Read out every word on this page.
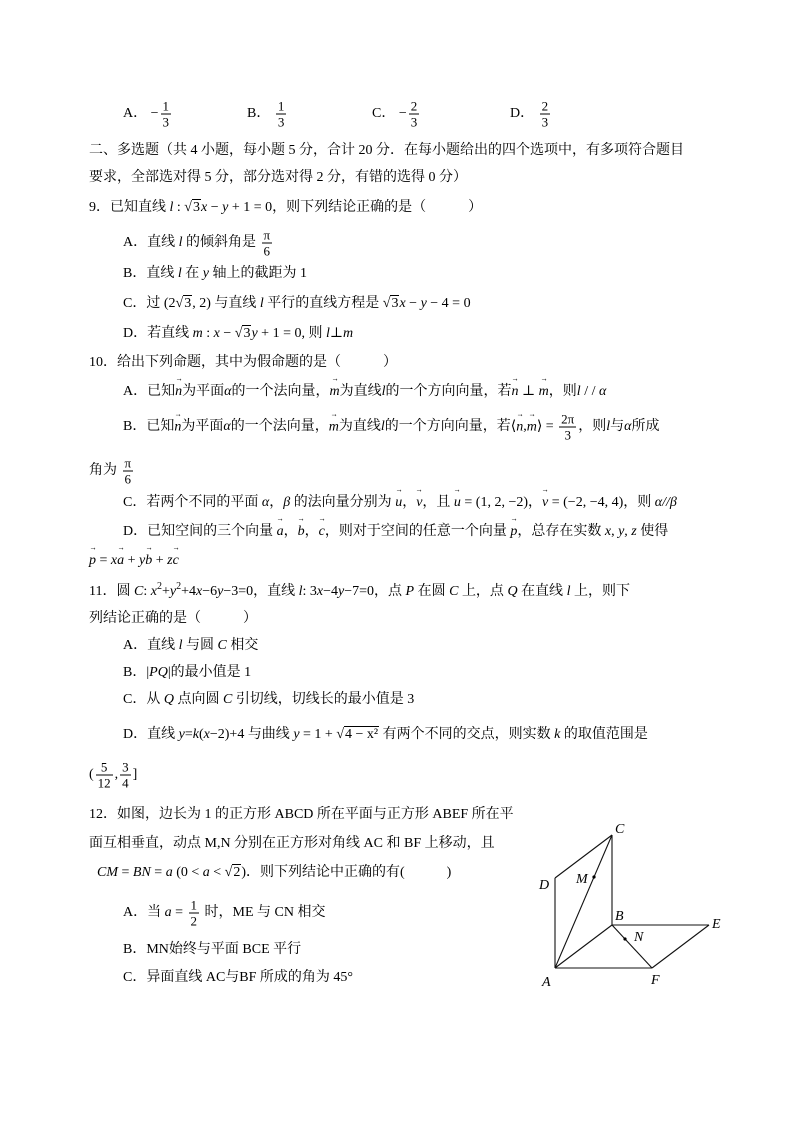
A． − $\frac{1}{3}$	B． $\frac{1}{3}$	C． − $\frac{2}{3}$	D． $\frac{2}{3}$
二、多选题（共 4 小题，每小题 5 分，合计 20 分．在每小题给出的四个选项中，有多项符合题目
要求，全部选对得 5 分，部分选对得 2 分，有错的选得 0 分）
9．已知直线 l : √ 3x − y + 1 = 0，则下列结论正确的是（　　　）
A．直线 l 的倾斜角是 $\frac{\pi}{6}$
B．直线 l 在 y 轴上的截距为 1
C．过 (2√ 3, 2) 与直线 l 平行的直线方程是 √ 3x − y − 4 = 0
D．若直线 m : x − √ 3y + 1 = 0, 则 l⊥m
10．给出下列命题，其中为假命题的是（　　　）
A．已知→ n为平面α的一个法向量，→ m为直线l的一个方向向量，若→ n ⊥ → m，则l / / α
B．已知→ n为平面α的一个法向量，→ m为直线l的一个方向向量，若⟨→ n,→ m⟩ = $\frac{2\pi}{3}$ ，则l与α所成
角为 $\frac{\pi}{6}$
C．若两个不同的平面 α，β 的法向量分别为 → u，→ v，且 → u = (1, 2, −2)，→ v = (−2, −4, 4)，则 α//β
D．已知空间的三个向量 → a，→ b，→ c，则对于空间的任意一个向量 → p，总存在实数 x, y, z 使得
→ p = x→ a + y→ b + z→ c
11．圆 C: $x^2+y^2+4x-6y-3=0$，直线 l: 3x−4y−7=0，点 P 在圆 C 上，点 Q 在直线 l 上，则下
列结论正确的是（　　　）
A．直线 l 与圆 C 相交
B．|PQ|的最小值是 1
C．从 Q 点向圆 C 引切线，切线长的最小值是 3
D．直线 y=k(x−2)+4 与曲线 y = 1 + √ 4 − x² 有两个不同的交点，则实数 k 的取值范围是
( $\frac{5}{12}$ , $\frac{3}{4}$ ]
12．如图，边长为 1 的正方形 ABCD 所在平面与正方形 ABEF 所在平
面互相垂直，动点 M,N 分别在正方形对角线 AC 和 BF 上移动，且
CM = BN = a (0 < a < √ 2)．则下列结论中正确的有(　　　)
A．当 $a = \frac{1}{2}$ 时，ME 与 CN 相交
B．MN始终与平面 BCE 平行
C．异面直线 AC与BF 所成的角为 45°
C
D M
B
N
E
A	F
